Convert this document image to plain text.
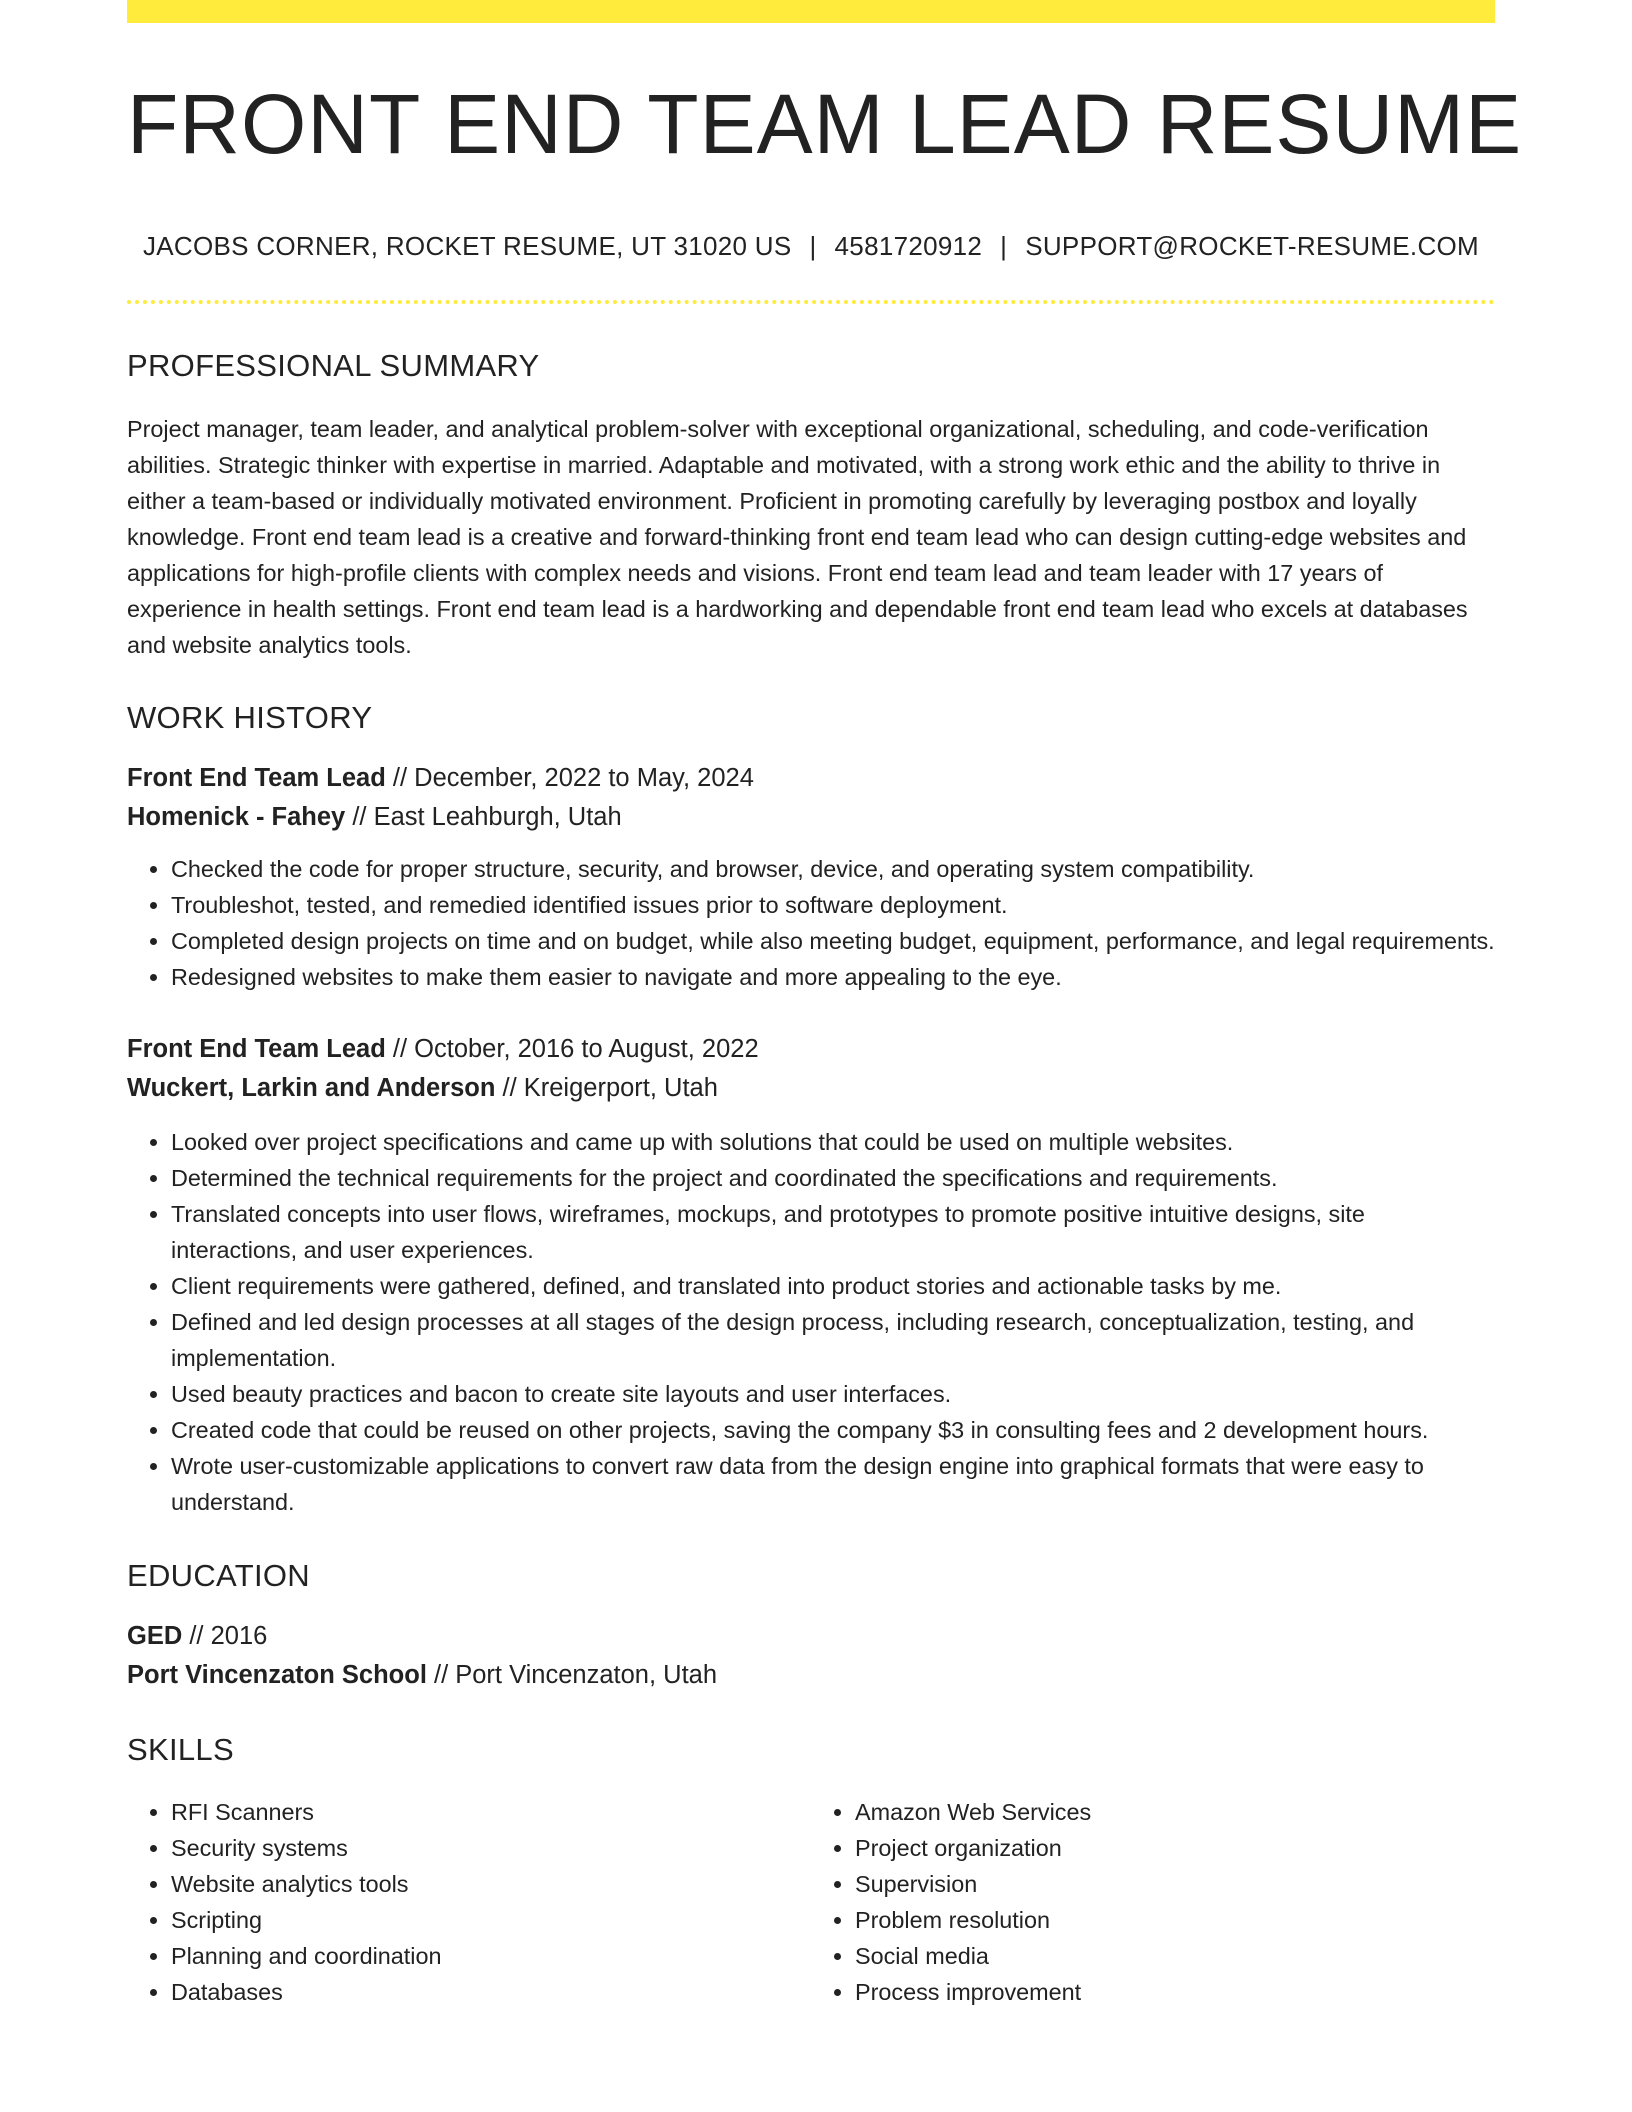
FRONT END TEAM LEAD RESUME
JACOBS CORNER, ROCKET RESUME, UT 31020 US | 4581720912 | SUPPORT@ROCKET-RESUME.COM
PROFESSIONAL SUMMARY
Project manager, team leader, and analytical problem-solver with exceptional organizational, scheduling, and code-verification abilities. Strategic thinker with expertise in married. Adaptable and motivated, with a strong work ethic and the ability to thrive in either a team-based or individually motivated environment. Proficient in promoting carefully by leveraging postbox and loyally knowledge. Front end team lead is a creative and forward-thinking front end team lead who can design cutting-edge websites and applications for high-profile clients with complex needs and visions. Front end team lead and team leader with 17 years of experience in health settings. Front end team lead is a hardworking and dependable front end team lead who excels at databases and website analytics tools.
WORK HISTORY
Front End Team Lead // December, 2022 to May, 2024
Homenick - Fahey // East Leahburgh, Utah
• Checked the code for proper structure, security, and browser, device, and operating system compatibility.
• Troubleshot, tested, and remedied identified issues prior to software deployment.
• Completed design projects on time and on budget, while also meeting budget, equipment, performance, and legal requirements.
• Redesigned websites to make them easier to navigate and more appealing to the eye.
Front End Team Lead // October, 2016 to August, 2022
Wuckert, Larkin and Anderson // Kreigerport, Utah
• Looked over project specifications and came up with solutions that could be used on multiple websites.
• Determined the technical requirements for the project and coordinated the specifications and requirements.
• Translated concepts into user flows, wireframes, mockups, and prototypes to promote positive intuitive designs, site interactions, and user experiences.
• Client requirements were gathered, defined, and translated into product stories and actionable tasks by me.
• Defined and led design processes at all stages of the design process, including research, conceptualization, testing, and implementation.
• Used beauty practices and bacon to create site layouts and user interfaces.
• Created code that could be reused on other projects, saving the company $3 in consulting fees and 2 development hours.
• Wrote user-customizable applications to convert raw data from the design engine into graphical formats that were easy to understand.
EDUCATION
GED // 2016
Port Vincenzaton School // Port Vincenzaton, Utah
SKILLS
• RFI Scanners
• Security systems
• Website analytics tools
• Scripting
• Planning and coordination
• Databases
• Amazon Web Services
• Project organization
• Supervision
• Problem resolution
• Social media
• Process improvement
